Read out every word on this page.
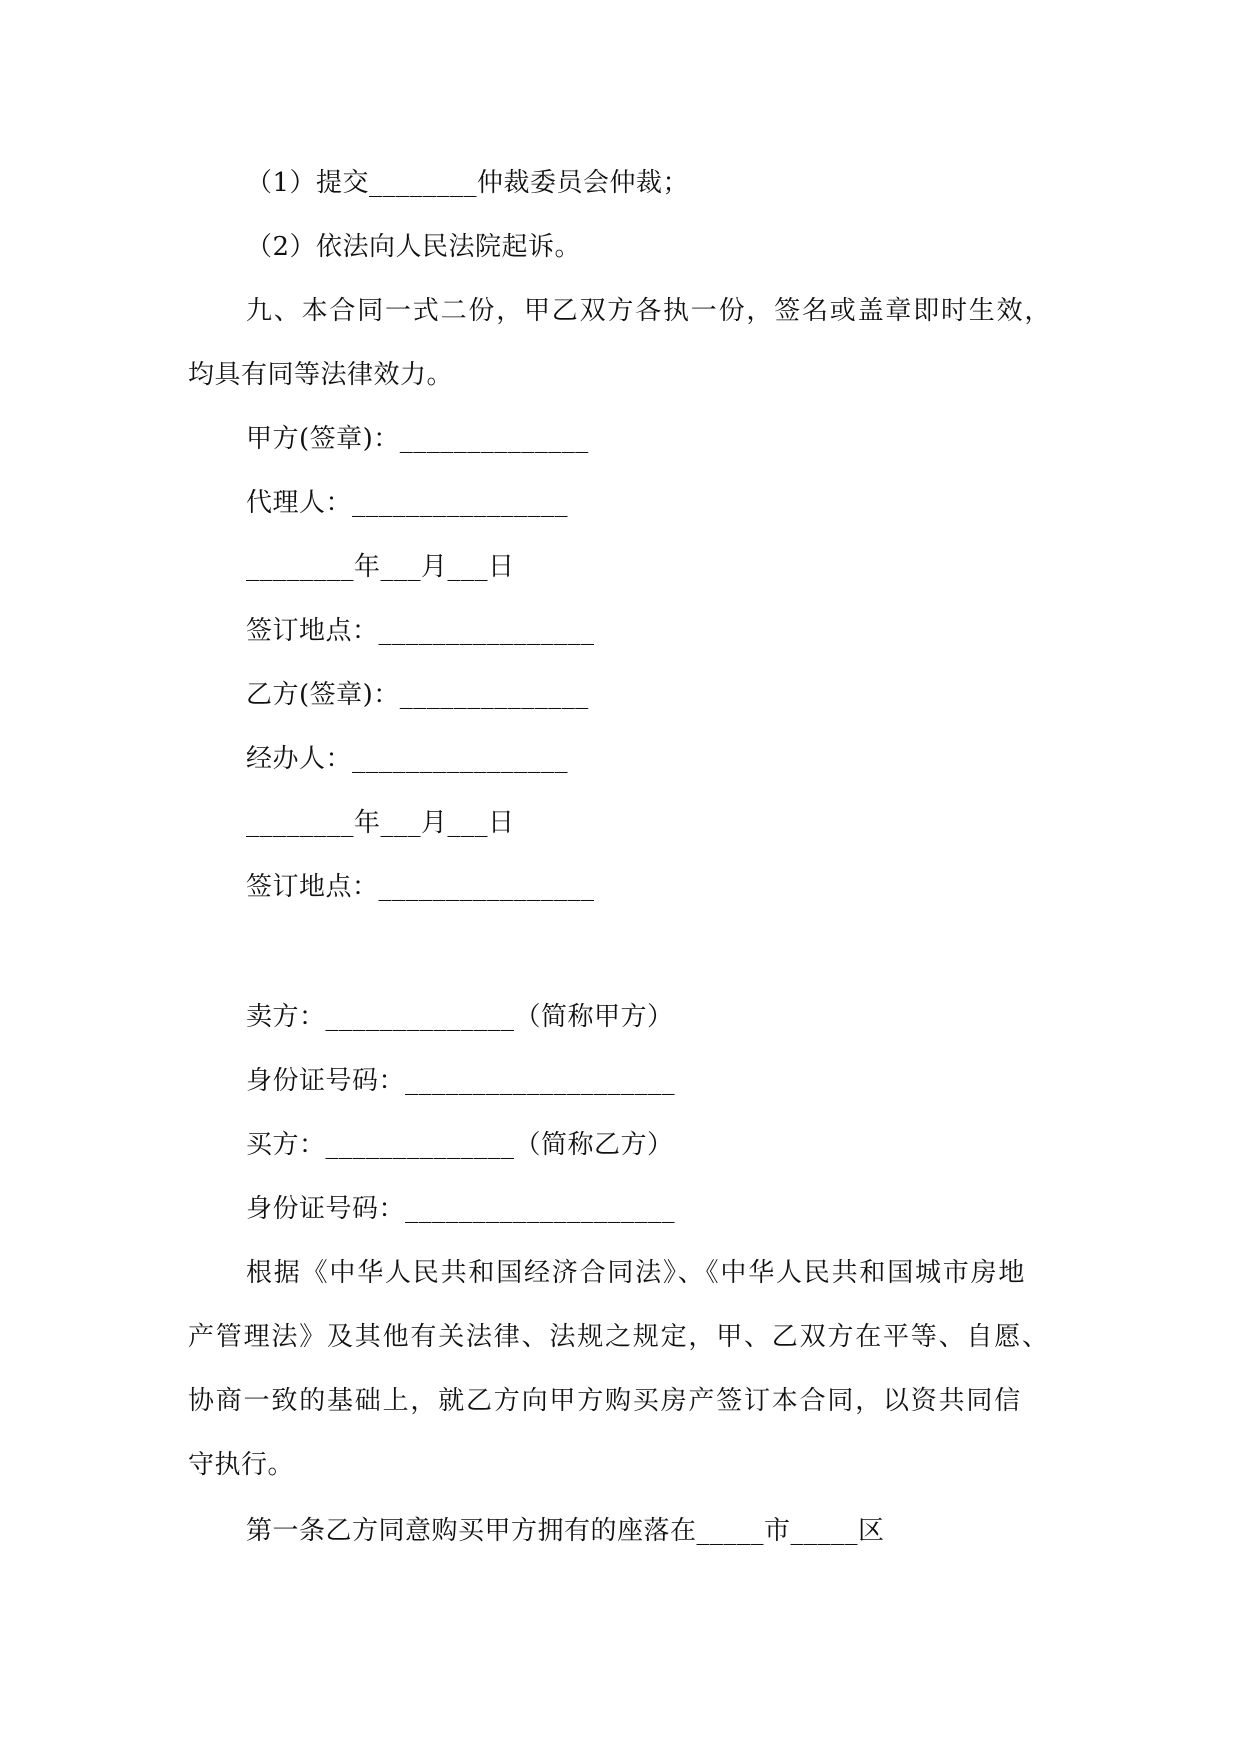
（1）提交________仲裁委员会仲裁；
（2）依法向人民法院起诉。
九、本合同一式二份，甲乙双方各执一份，签名或盖章即时生效，
均具有同等法律效力。
甲方(签章)：______________
代理人：________________
________年___月___日
签订地点：________________
乙方(签章)：______________
经办人：________________
________年___月___日
签订地点：________________
卖方：______________（简称甲方）
身份证号码：____________________
买方：______________（简称乙方）
身份证号码：____________________
根据《中华人民共和国经济合同法》、《中华人民共和国城市房地
产管理法》及其他有关法律、法规之规定，甲、乙双方在平等、自愿、
协商一致的基础上，就乙方向甲方购买房产签订本合同，以资共同信
守执行。
第一条乙方同意购买甲方拥有的座落在_____市_____区
